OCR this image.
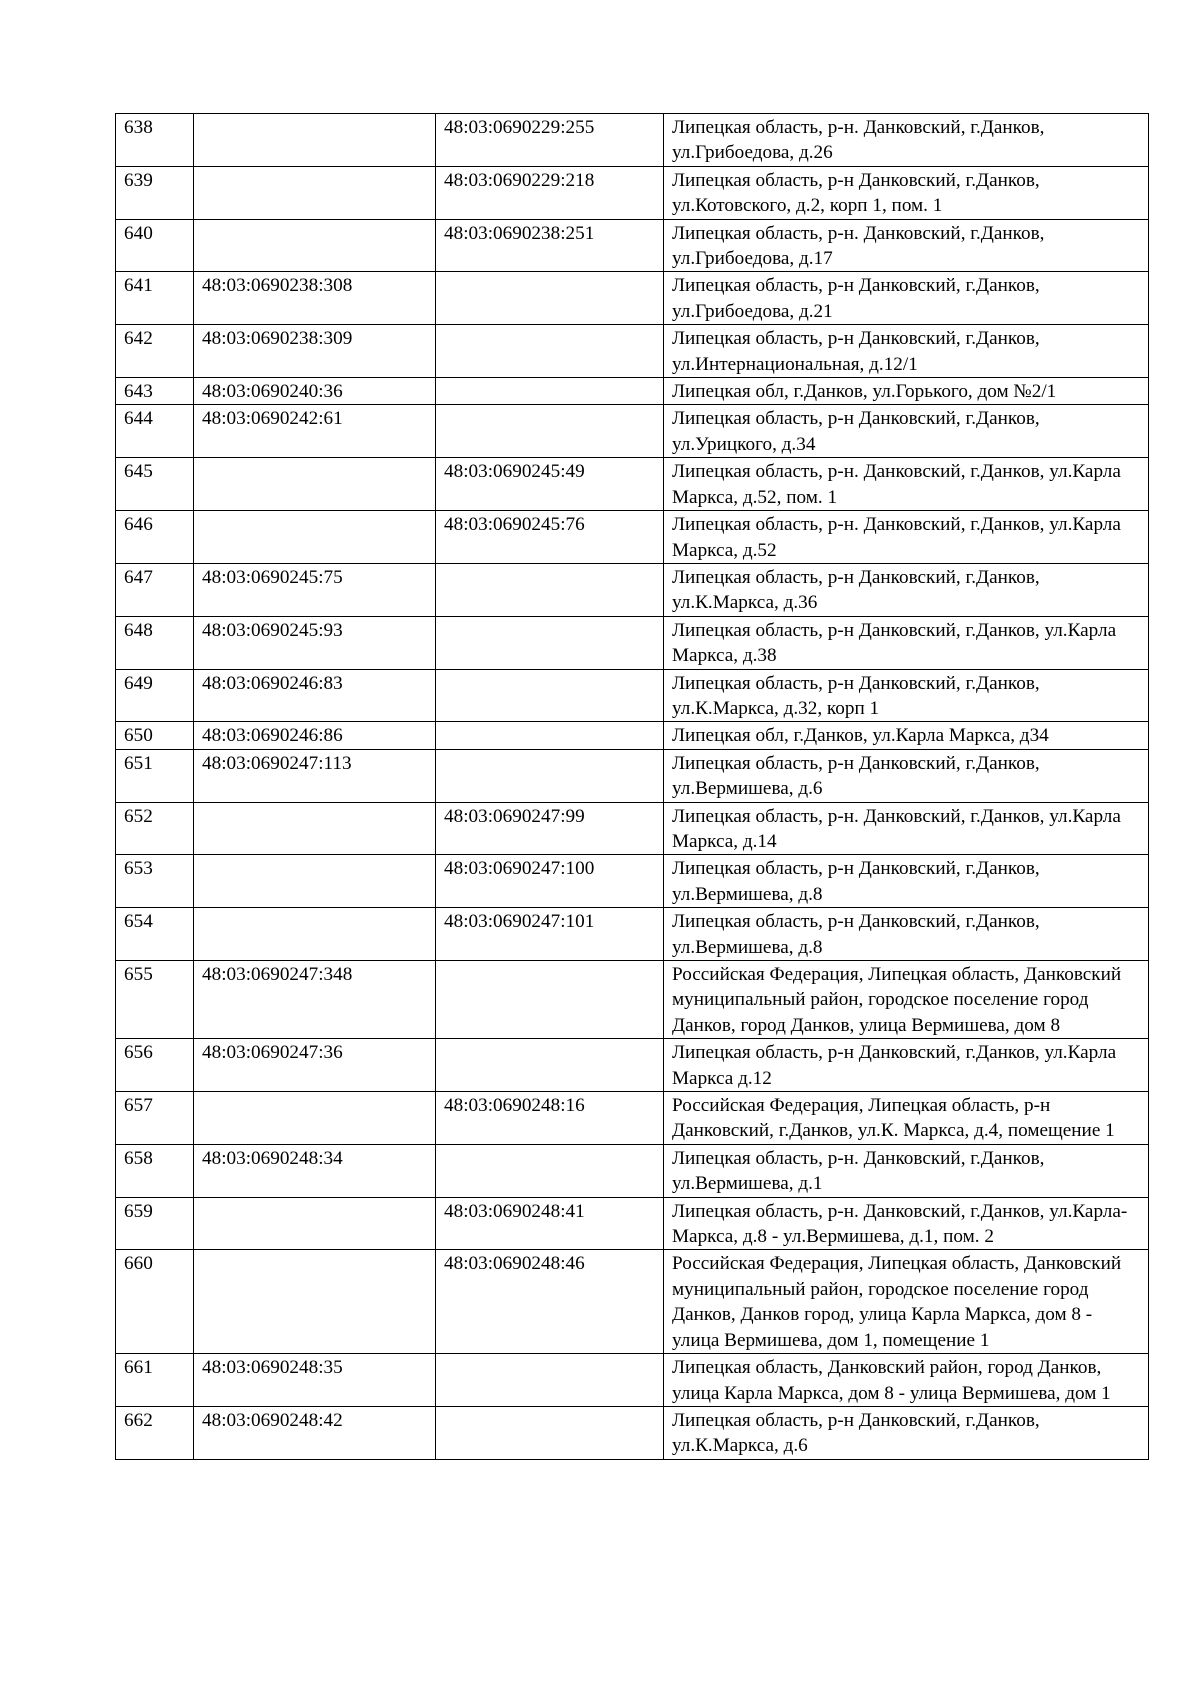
638		48:03:0690229:255	Липецкая область, р-н. Данковский, г.Данков, ул.Грибоедова, д.26
639		48:03:0690229:218	Липецкая область, р-н Данковский, г.Данков, ул.Котовского, д.2, корп 1, пом. 1
640		48:03:0690238:251	Липецкая область, р-н. Данковский, г.Данков, ул.Грибоедова, д.17
641	48:03:0690238:308		Липецкая область, р-н Данковский, г.Данков, ул.Грибоедова, д.21
642	48:03:0690238:309		Липецкая область, р-н Данковский, г.Данков, ул.Интернациональная, д.12/1
643	48:03:0690240:36		Липецкая обл, г.Данков, ул.Горького, дом №2/1
644	48:03:0690242:61		Липецкая область, р-н Данковский, г.Данков, ул.Урицкого, д.34
645		48:03:0690245:49	Липецкая область, р-н. Данковский, г.Данков, ул.Карла Маркса, д.52, пом. 1
646		48:03:0690245:76	Липецкая область, р-н. Данковский, г.Данков, ул.Карла Маркса, д.52
647	48:03:0690245:75		Липецкая область, р-н Данковский, г.Данков, ул.К.Маркса, д.36
648	48:03:0690245:93		Липецкая область, р-н Данковский, г.Данков, ул.Карла Маркса, д.38
649	48:03:0690246:83		Липецкая область, р-н Данковский, г.Данков, ул.К.Маркса, д.32, корп 1
650	48:03:0690246:86		Липецкая обл, г.Данков, ул.Карла Маркса, д34
651	48:03:0690247:113		Липецкая область, р-н Данковский, г.Данков, ул.Вермишева, д.6
652		48:03:0690247:99	Липецкая область, р-н. Данковский, г.Данков, ул.Карла Маркса, д.14
653		48:03:0690247:100	Липецкая область, р-н Данковский, г.Данков, ул.Вермишева, д.8
654		48:03:0690247:101	Липецкая область, р-н Данковский, г.Данков, ул.Вермишева, д.8
655	48:03:0690247:348		Российская Федерация, Липецкая область, Данковский муниципальный район, городское поселение город Данков, город Данков, улица Вермишева, дом 8
656	48:03:0690247:36		Липецкая область, р-н Данковский, г.Данков, ул.Карла Маркса д.12
657		48:03:0690248:16	Российская Федерация, Липецкая область, р-н Данковский, г.Данков, ул.К. Маркса, д.4, помещение 1
658	48:03:0690248:34		Липецкая область, р-н. Данковский, г.Данков, ул.Вермишева, д.1
659		48:03:0690248:41	Липецкая область, р-н. Данковский, г.Данков, ул.Карла-Маркса, д.8 - ул.Вермишева, д.1, пом. 2
660		48:03:0690248:46	Российская Федерация, Липецкая область, Данковский муниципальный район, городское поселение город Данков, Данков город, улица Карла Маркса, дом 8 - улица Вермишева, дом 1, помещение 1
661	48:03:0690248:35		Липецкая область, Данковский район, город Данков, улица Карла Маркса, дом 8 - улица Вермишева, дом 1
662	48:03:0690248:42		Липецкая область, р-н Данковский, г.Данков, ул.К.Маркса, д.6
